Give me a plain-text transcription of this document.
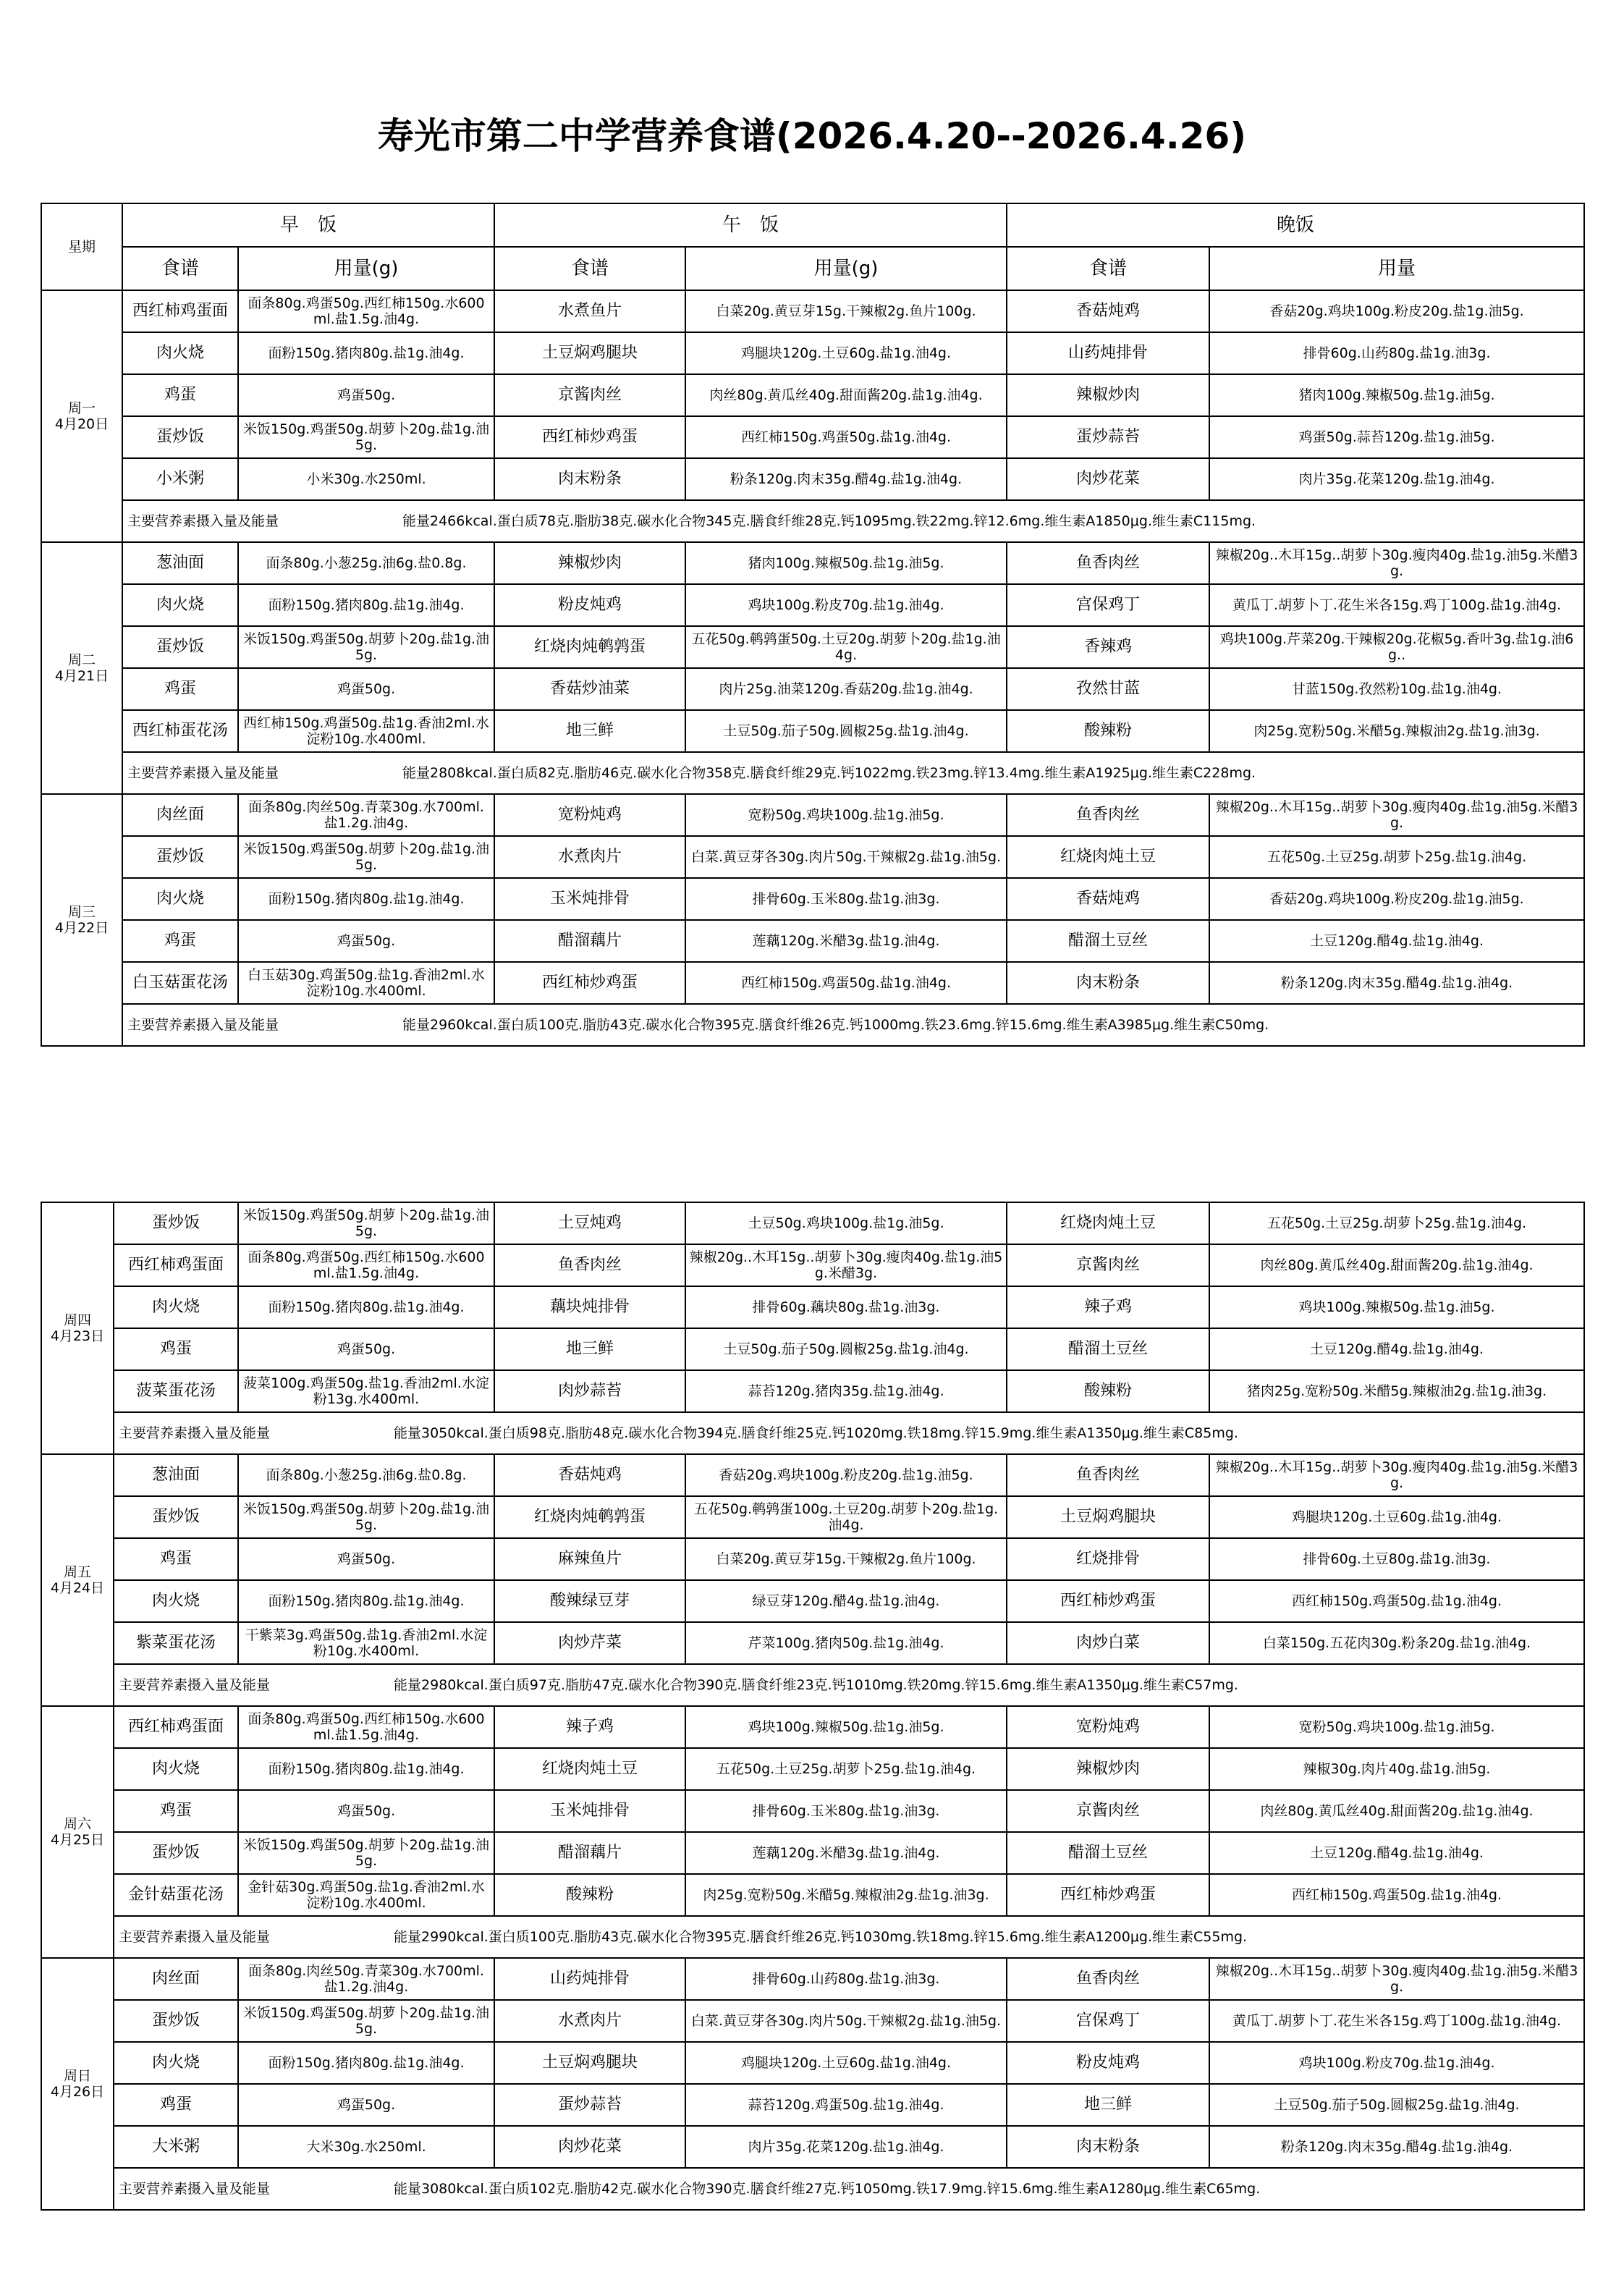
寿光市第二中学营养食谱(2026.4.20--2026.4.26)
星期	早　饭		午　饭		晚饭	
	食谱	用量(g)	食谱	用量(g)	食谱	用量

周一
4月20日	西红柿鸡蛋面	面条80g.鸡蛋50g.西红柿150g.水600ml.盐1.5g.油4g.	水煮鱼片	白菜20g.黄豆芽15g.干辣椒2g.鱼片100g.	香菇炖鸡	香菇20g.鸡块100g.粉皮20g.盐1g.油5g.
	肉火烧	面粉150g.猪肉80g.盐1g.油4g.	土豆焖鸡腿块	鸡腿块120g.土豆60g.盐1g.油4g.	山药炖排骨	排骨60g.山药80g.盐1g.油3g.
	鸡蛋	鸡蛋50g.	京酱肉丝	肉丝80g.黄瓜丝40g.甜面酱20g.盐1g.油4g.	辣椒炒肉	猪肉100g.辣椒50g.盐1g.油5g.
	蛋炒饭	米饭150g.鸡蛋50g.胡萝卜20g.盐1g.油5g.	西红柿炒鸡蛋	西红柿150g.鸡蛋50g.盐1g.油4g.	蛋炒蒜苔	鸡蛋50g.蒜苔120g.盐1g.油5g.
	小米粥	小米30g.水250ml.	肉末粉条	粉条120g.肉末35g.醋4g.盐1g.油4g.	肉炒花菜	肉片35g.花菜120g.盐1g.油4g.
	主要营养素摄入量及能量 能量2466kcal.蛋白质78克.脂肪38克.碳水化合物345克.膳食纤维28克.钙1095mg.铁22mg.锌12.6mg.维生素A1850μg.维生素C115mg.					

周二
4月21日	葱油面	面条80g.小葱25g.油6g.盐0.8g.	辣椒炒肉	猪肉100g.辣椒50g.盐1g.油5g.	鱼香肉丝	辣椒20g..木耳15g..胡萝卜30g.瘦肉40g.盐1g.油5g.米醋3g.
	肉火烧	面粉150g.猪肉80g.盐1g.油4g.	粉皮炖鸡	鸡块100g.粉皮70g.盐1g.油4g.	宫保鸡丁	黄瓜丁.胡萝卜丁.花生米各15g.鸡丁100g.盐1g.油4g.
	蛋炒饭	米饭150g.鸡蛋50g.胡萝卜20g.盐1g.油5g.	红烧肉炖鹌鹑蛋	五花50g.鹌鹑蛋50g.土豆20g.胡萝卜20g.盐1g.油4g.	香辣鸡	鸡块100g.芹菜20g.干辣椒20g.花椒5g.香叶3g.盐1g.油6g..
	鸡蛋	鸡蛋50g.	香菇炒油菜	肉片25g.油菜120g.香菇20g.盐1g.油4g.	孜然甘蓝	甘蓝150g.孜然粉10g.盐1g.油4g.
	西红柿蛋花汤	西红柿150g.鸡蛋50g.盐1g.香油2ml.水淀粉10g.水400ml.	地三鲜	土豆50g.茄子50g.圆椒25g.盐1g.油4g.	酸辣粉	肉25g.宽粉50g.米醋5g.辣椒油2g.盐1g.油3g.
	主要营养素摄入量及能量 能量2808kcal.蛋白质82克.脂肪46克.碳水化合物358克.膳食纤维29克.钙1022mg.铁23mg.锌13.4mg.维生素A1925μg.维生素C228mg.					

周三
4月22日	肉丝面	面条80g.肉丝50g.青菜30g.水700ml.盐1.2g.油4g.	宽粉炖鸡	宽粉50g.鸡块100g.盐1g.油5g.	鱼香肉丝	辣椒20g..木耳15g..胡萝卜30g.瘦肉40g.盐1g.油5g.米醋3g.
	蛋炒饭	米饭150g.鸡蛋50g.胡萝卜20g.盐1g.油5g.	水煮肉片	白菜.黄豆芽各30g.肉片50g.干辣椒2g.盐1g.油5g.	红烧肉炖土豆	五花50g.土豆25g.胡萝卜25g.盐1g.油4g.
	肉火烧	面粉150g.猪肉80g.盐1g.油4g.	玉米炖排骨	排骨60g.玉米80g.盐1g.油3g.	香菇炖鸡	香菇20g.鸡块100g.粉皮20g.盐1g.油5g.
	鸡蛋	鸡蛋50g.	醋溜藕片	莲藕120g.米醋3g.盐1g.油4g.	醋溜土豆丝	土豆120g.醋4g.盐1g.油4g.
	白玉菇蛋花汤	白玉菇30g.鸡蛋50g.盐1g.香油2ml.水淀粉10g.水400ml.	西红柿炒鸡蛋	西红柿150g.鸡蛋50g.盐1g.油4g.	肉末粉条	粉条120g.肉末35g.醋4g.盐1g.油4g.
	主要营养素摄入量及能量 能量2960kcal.蛋白质100克.脂肪43克.碳水化合物395克.膳食纤维26克.钙1000mg.铁23.6mg.锌15.6mg.维生素A3985μg.维生素C50mg.					
周四
4月23日	蛋炒饭	米饭150g.鸡蛋50g.胡萝卜20g.盐1g.油5g.	土豆炖鸡	土豆50g.鸡块100g.盐1g.油5g.	红烧肉炖土豆	五花50g.土豆25g.胡萝卜25g.盐1g.油4g.
	西红柿鸡蛋面	面条80g.鸡蛋50g.西红柿150g.水600ml.盐1.5g.油4g.	鱼香肉丝	辣椒20g..木耳15g..胡萝卜30g.瘦肉40g.盐1g.油5g.米醋3g.	京酱肉丝	肉丝80g.黄瓜丝40g.甜面酱20g.盐1g.油4g.
	肉火烧	面粉150g.猪肉80g.盐1g.油4g.	藕块炖排骨	排骨60g.藕块80g.盐1g.油3g.	辣子鸡	鸡块100g.辣椒50g.盐1g.油5g.
	鸡蛋	鸡蛋50g.	地三鲜	土豆50g.茄子50g.圆椒25g.盐1g.油4g.	醋溜土豆丝	土豆120g.醋4g.盐1g.油4g.
	菠菜蛋花汤	菠菜100g.鸡蛋50g.盐1g.香油2ml.水淀粉13g.水400ml.	肉炒蒜苔	蒜苔120g.猪肉35g.盐1g.油4g.	酸辣粉	猪肉25g.宽粉50g.米醋5g.辣椒油2g.盐1g.油3g.
	主要营养素摄入量及能量 能量3050kcal.蛋白质98克.脂肪48克.碳水化合物394克.膳食纤维25克.钙1020mg.铁18mg.锌15.9mg.维生素A1350μg.维生素C85mg.					

周五
4月24日	葱油面	面条80g.小葱25g.油6g.盐0.8g.	香菇炖鸡	香菇20g.鸡块100g.粉皮20g.盐1g.油5g.	鱼香肉丝	辣椒20g..木耳15g..胡萝卜30g.瘦肉40g.盐1g.油5g.米醋3g.
	蛋炒饭	米饭150g.鸡蛋50g.胡萝卜20g.盐1g.油5g.	红烧肉炖鹌鹑蛋	五花50g.鹌鹑蛋100g.土豆20g.胡萝卜20g.盐1g.油4g.	土豆焖鸡腿块	鸡腿块120g.土豆60g.盐1g.油4g.
	鸡蛋	鸡蛋50g.	麻辣鱼片	白菜20g.黄豆芽15g.干辣椒2g.鱼片100g.	红烧排骨	排骨60g.土豆80g.盐1g.油3g.
	肉火烧	面粉150g.猪肉80g.盐1g.油4g.	酸辣绿豆芽	绿豆芽120g.醋4g.盐1g.油4g.	西红柿炒鸡蛋	西红柿150g.鸡蛋50g.盐1g.油4g.
	紫菜蛋花汤	干紫菜3g.鸡蛋50g.盐1g.香油2ml.水淀粉10g.水400ml.	肉炒芹菜	芹菜100g.猪肉50g.盐1g.油4g.	肉炒白菜	白菜150g.五花肉30g.粉条20g.盐1g.油4g.
	主要营养素摄入量及能量 能量2980kcal.蛋白质97克.脂肪47克.碳水化合物390克.膳食纤维23克.钙1010mg.铁20mg.锌15.6mg.维生素A1350μg.维生素C57mg.					

周六
4月25日	西红柿鸡蛋面	面条80g.鸡蛋50g.西红柿150g.水600ml.盐1.5g.油4g.	辣子鸡	鸡块100g.辣椒50g.盐1g.油5g.	宽粉炖鸡	宽粉50g.鸡块100g.盐1g.油5g.
	肉火烧	面粉150g.猪肉80g.盐1g.油4g.	红烧肉炖土豆	五花50g.土豆25g.胡萝卜25g.盐1g.油4g.	辣椒炒肉	辣椒30g.肉片40g.盐1g.油5g.
	鸡蛋	鸡蛋50g.	玉米炖排骨	排骨60g.玉米80g.盐1g.油3g.	京酱肉丝	肉丝80g.黄瓜丝40g.甜面酱20g.盐1g.油4g.
	蛋炒饭	米饭150g.鸡蛋50g.胡萝卜20g.盐1g.油5g.	醋溜藕片	莲藕120g.米醋3g.盐1g.油4g.	醋溜土豆丝	土豆120g.醋4g.盐1g.油4g.
	金针菇蛋花汤	金针菇30g.鸡蛋50g.盐1g.香油2ml.水淀粉10g.水400ml.	酸辣粉	肉25g.宽粉50g.米醋5g.辣椒油2g.盐1g.油3g.	西红柿炒鸡蛋	西红柿150g.鸡蛋50g.盐1g.油4g.
	主要营养素摄入量及能量 能量2990kcal.蛋白质100克.脂肪43克.碳水化合物395克.膳食纤维26克.钙1030mg.铁18mg.锌15.6mg.维生素A1200μg.维生素C55mg.					

周日
4月26日	肉丝面	面条80g.肉丝50g.青菜30g.水700ml.盐1.2g.油4g.	山药炖排骨	排骨60g.山药80g.盐1g.油3g.	鱼香肉丝	辣椒20g..木耳15g..胡萝卜30g.瘦肉40g.盐1g.油5g.米醋3g.
	蛋炒饭	米饭150g.鸡蛋50g.胡萝卜20g.盐1g.油5g.	水煮肉片	白菜.黄豆芽各30g.肉片50g.干辣椒2g.盐1g.油5g.	宫保鸡丁	黄瓜丁.胡萝卜丁.花生米各15g.鸡丁100g.盐1g.油4g.
	肉火烧	面粉150g.猪肉80g.盐1g.油4g.	土豆焖鸡腿块	鸡腿块120g.土豆60g.盐1g.油4g.	粉皮炖鸡	鸡块100g.粉皮70g.盐1g.油4g.
	鸡蛋	鸡蛋50g.	蛋炒蒜苔	蒜苔120g.鸡蛋50g.盐1g.油4g.	地三鲜	土豆50g.茄子50g.圆椒25g.盐1g.油4g.
	大米粥	大米30g.水250ml.	肉炒花菜	肉片35g.花菜120g.盐1g.油4g.	肉末粉条	粉条120g.肉末35g.醋4g.盐1g.油4g.
	主要营养素摄入量及能量 能量3080kcal.蛋白质102克.脂肪42克.碳水化合物390克.膳食纤维27克.钙1050mg.铁17.9mg.锌15.6mg.维生素A1280μg.维生素C65mg.					
